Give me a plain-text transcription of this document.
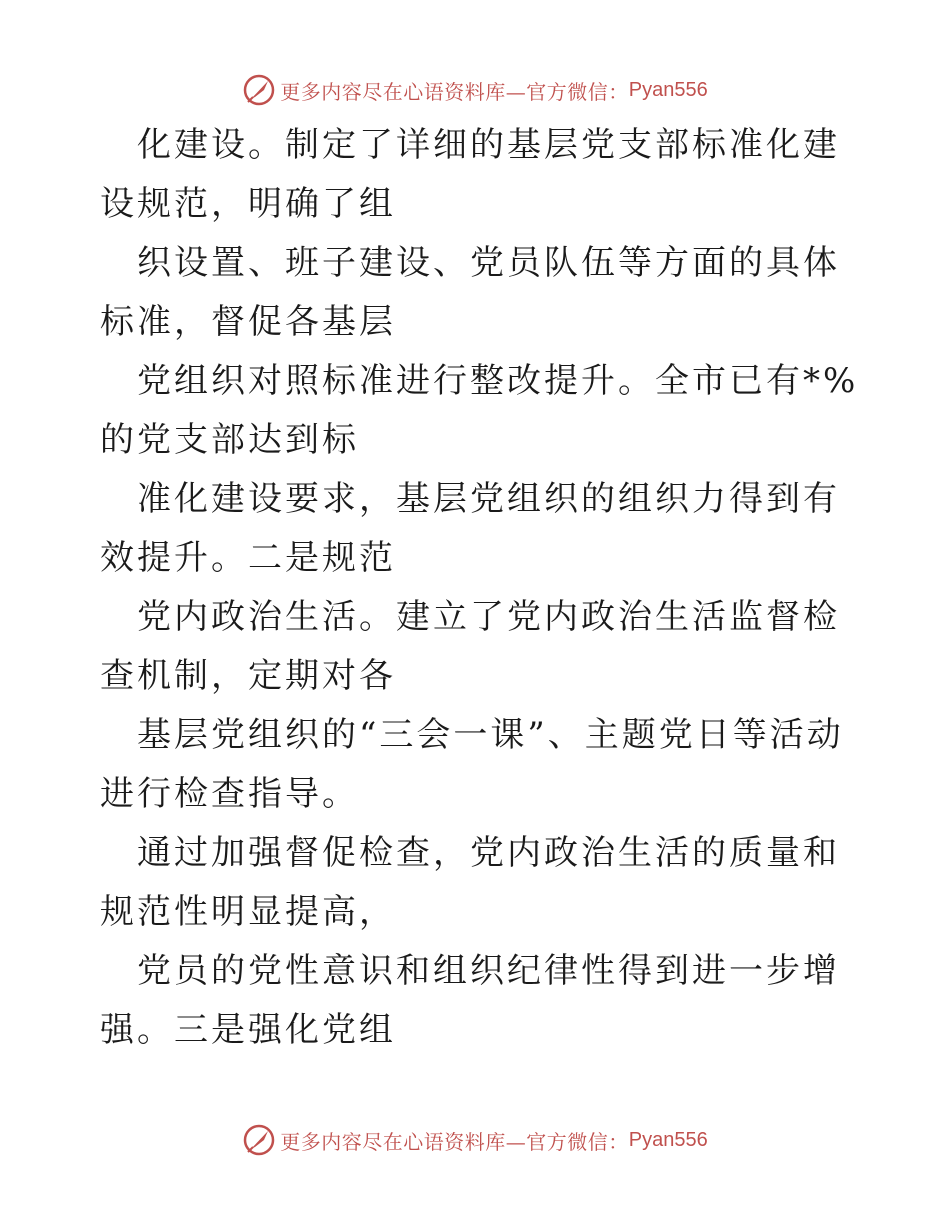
更多内容尽在心语资料库—官方微信： Pyan556

化建设。制定了详细的基层党支部标准化建设规范，明确了组

织设置、班子建设、党员队伍等方面的具体标准，督促各基层

党组织对照标准进行整改提升。全市已有*%的党支部达到标

准化建设要求，基层党组织的组织力得到有效提升。二是规范

党内政治生活。建立了党内政治生活监督检查机制，定期对各

基层党组织的“三会一课”、主题党日等活动进行检查指导。

通过加强督促检查，党内政治生活的质量和规范性明显提高，

党员的党性意识和组织纪律性得到进一步增强。三是强化党组

更多内容尽在心语资料库—官方微信： Pyan556
